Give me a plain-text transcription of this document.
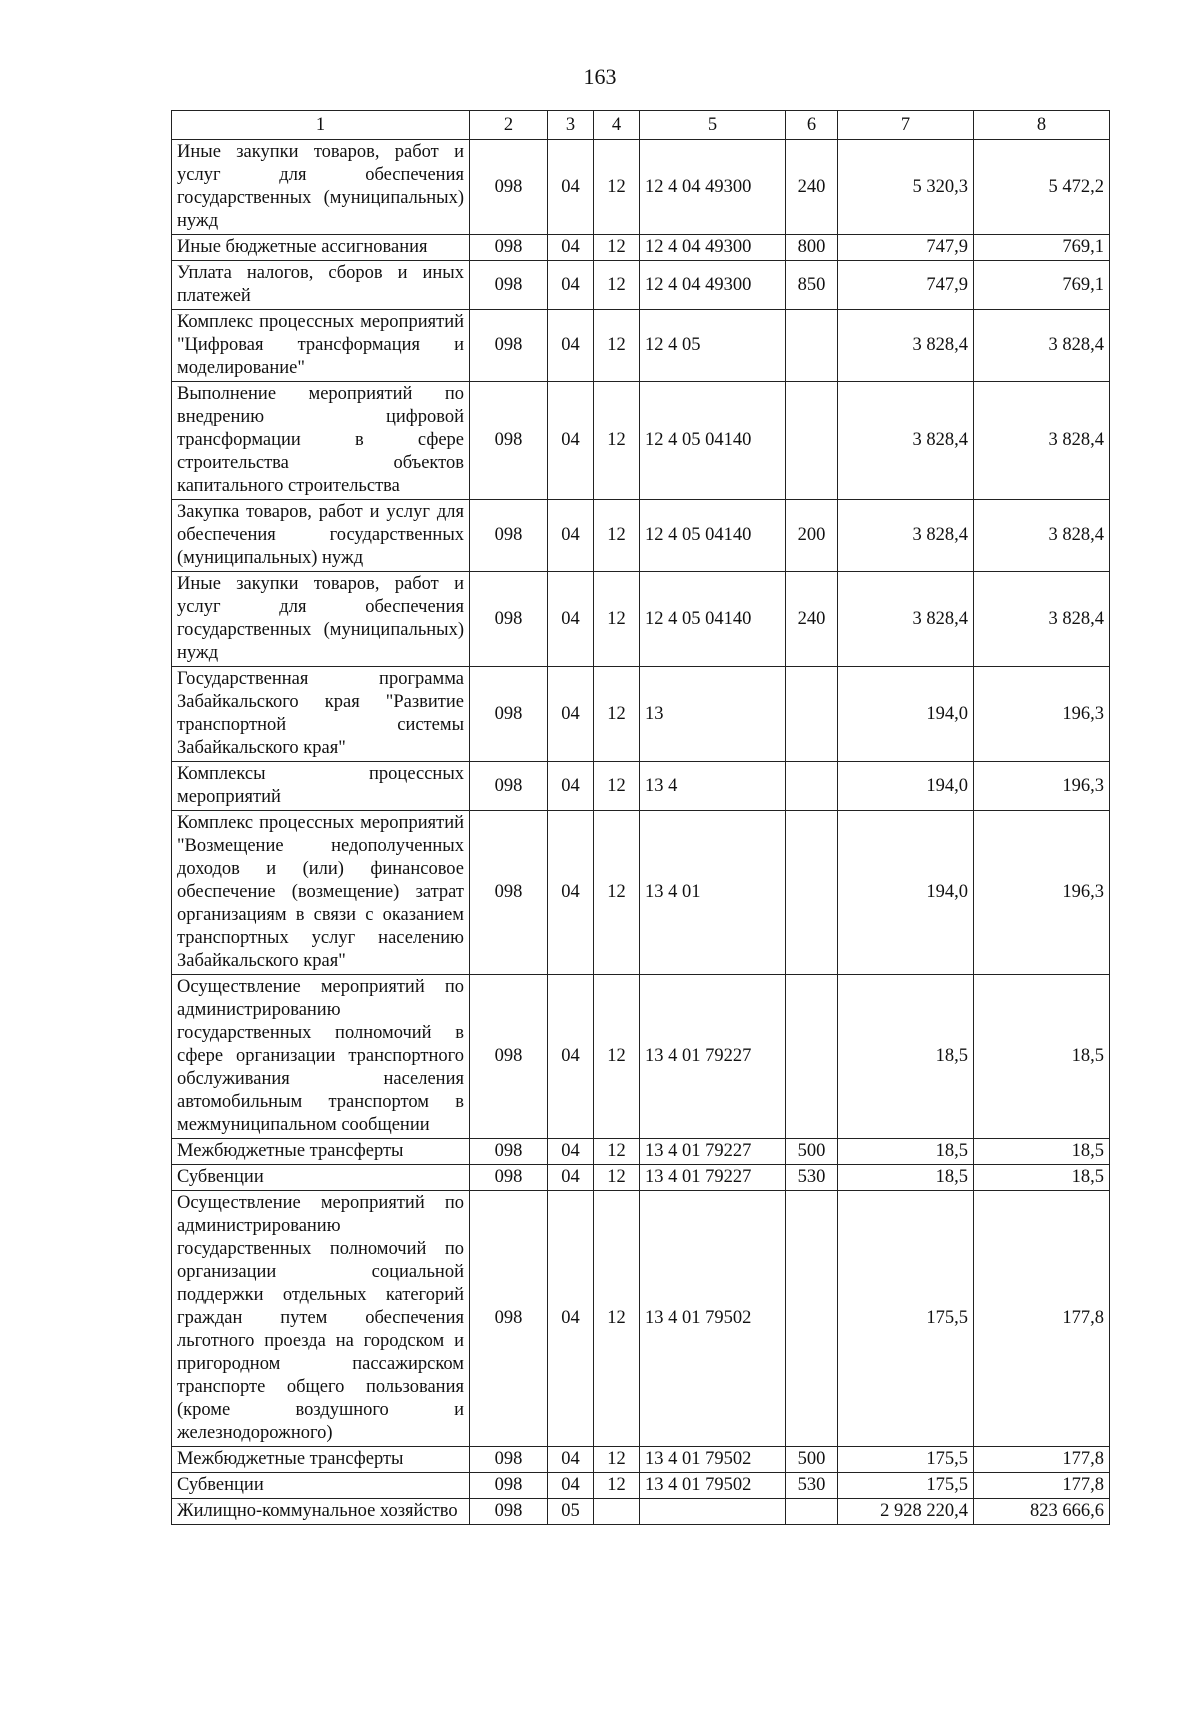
163
1	2	3	4	5	6	7	8
Иные закупки товаров, работ и услуг для обеспечения государственных (муниципальных) нужд	098	04	12	12 4 04 49300	240	5 320,3	5 472,2
Иные бюджетные ассигнования	098	04	12	12 4 04 49300	800	747,9	769,1
Уплата налогов, сборов и иных платежей	098	04	12	12 4 04 49300	850	747,9	769,1
Комплекс процессных мероприятий "Цифровая трансформация и моделирование"	098	04	12	12 4 05		3 828,4	3 828,4
Выполнение мероприятий по внедрению цифровой трансформации в сфере строительства объектов капитального строительства	098	04	12	12 4 05 04140		3 828,4	3 828,4
Закупка товаров, работ и услуг для обеспечения государственных (муниципальных) нужд	098	04	12	12 4 05 04140	200	3 828,4	3 828,4
Иные закупки товаров, работ и услуг для обеспечения государственных (муниципальных) нужд	098	04	12	12 4 05 04140	240	3 828,4	3 828,4
Государственная программа Забайкальского края "Развитие транспортной системы Забайкальского края"	098	04	12	13		194,0	196,3
Комплексы процессных мероприятий	098	04	12	13 4		194,0	196,3
Комплекс процессных мероприятий "Возмещение недополученных доходов и (или) финансовое обеспечение (возмещение) затрат организациям в связи с оказанием транспортных услуг населению Забайкальского края"	098	04	12	13 4 01		194,0	196,3
Осуществление мероприятий по администрированию государственных полномочий в сфере организации транспортного обслуживания населения автомобильным транспортом в межмуниципальном сообщении	098	04	12	13 4 01 79227		18,5	18,5
Межбюджетные трансферты	098	04	12	13 4 01 79227	500	18,5	18,5
Субвенции	098	04	12	13 4 01 79227	530	18,5	18,5
Осуществление мероприятий по администрированию государственных полномочий по организации социальной поддержки отдельных категорий граждан путем обеспечения льготного проезда на городском и пригородном пассажирском транспорте общего пользования (кроме воздушного и железнодорожного)	098	04	12	13 4 01 79502		175,5	177,8
Межбюджетные трансферты	098	04	12	13 4 01 79502	500	175,5	177,8
Субвенции	098	04	12	13 4 01 79502	530	175,5	177,8
Жилищно-коммунальное хозяйство	098	05				2 928 220,4	823 666,6
